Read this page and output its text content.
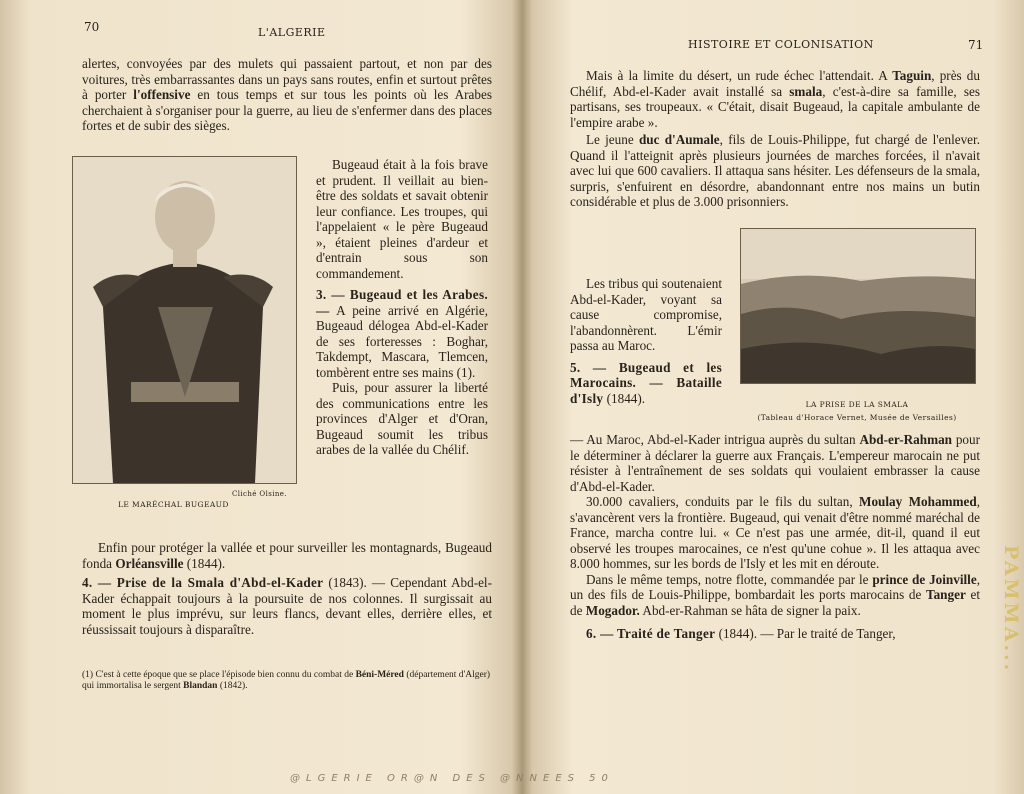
70	L'ALGERIE

alertes, convoyées par des mulets qui passaient partout, et non par des voitures, très embarrassantes dans un pays sans routes, enfin et surtout prêtes à porter l'offensive en tous temps et sur tous les points où les Arabes cherchaient à s'organiser pour la guerre, au lieu de s'enfermer dans des places fortes et de subir des sièges.

Cliché Olsine.
LE MARÉCHAL BUGEAUD

Bugeaud était à la fois brave et prudent. Il veillait au bien-être des soldats et savait obtenir leur confiance. Les troupes, qui l'appelaient « le père Bugeaud », étaient pleines d'ardeur et d'entrain sous son commandement.

3. — Bugeaud et les Arabes.— A peine arrivé en Algérie, Bugeaud délogea Abd-el-Kader de ses forteresses : Boghar, Takdempt, Mascara, Tlemcen, tombèrent entre ses mains (1).

Puis, pour assurer la liberté des communications entre les provinces d'Alger et d'Oran, Bugeaud soumit les tribus arabes de la vallée du Chélif.

Enfin pour protéger la vallée et pour surveiller les montagnards, Bugeaud fonda Orléansville (1844).

4. — Prise de la Smala d'Abd-el-Kader (1843). — Cependant Abd-el-Kader échappait toujours à la poursuite de nos colonnes. Il surgissait au moment le plus imprévu, sur leurs flancs, devant elles, derrière elles, et réussissait toujours à disparaître.

(1) C'est à cette époque que se place l'épisode bien connu du combat de Béni-Méred (département d'Alger) qui immortalisa le sergent Blandan (1842).
HISTOIRE ET COLONISATION	71

Mais à la limite du désert, un rude échec l'attendait. A Taguin, près du Chélif, Abd-el-Kader avait installé sa smala, c'est-à-dire sa famille, ses partisans, ses troupeaux. « C'était, disait Bugeaud, la capitale ambulante de l'empire arabe ».

Le jeune duc d'Aumale, fils de Louis-Philippe, fut chargé de l'enlever. Quand il l'atteignit après plusieurs journées de marches forcées, il n'avait avec lui que 600 cavaliers. Il attaqua sans hésiter. Les défenseurs de la smala, surpris, s'enfuirent en désordre, abandonnant entre nos mains un butin considérable et plus de 3.000 prisonniers.

LA PRISE DE LA SMALA
(Tableau d'Horace Vernet, Musée de Versailles)

Les tribus qui soutenaient Abd-el-Kader, voyant sa cause compromise, l'abandonnèrent. L'émir passa au Maroc.

5. — Bugeaud et les Marocains. — Bataille d'Isly (1844).

— Au Maroc, Abd-el-Kader intrigua auprès du sultan Abd-er-Rahman pour le déterminer à déclarer la guerre aux Français. L'empereur marocain ne put résister à l'entraînement de ses soldats qui voulaient embrasser la cause d'Abd-el-Kader.

30.000 cavaliers, conduits par le fils du sultan, Moulay Mohammed, s'avancèrent vers la frontière. Bugeaud, qui venait d'être nommé maréchal de France, marcha contre lui. « Ce n'est pas une armée, dit-il, quand il eut observé les troupes marocaines, ce n'est qu'une cohue ». Il les attaqua avec 8.000 hommes, sur les bords de l'Isly et les mit en déroute.

Dans le même temps, notre flotte, commandée par le prince de Joinville, un des fils de Louis-Philippe, bombardait les ports marocains de Tanger et de Mogador. Abd-er-Rahman se hâta de signer la paix.

6. — Traité de Tanger (1844). — Par le traité de Tanger,

@LGERIE OR@N DES @NNEES 50
PAMMA...
